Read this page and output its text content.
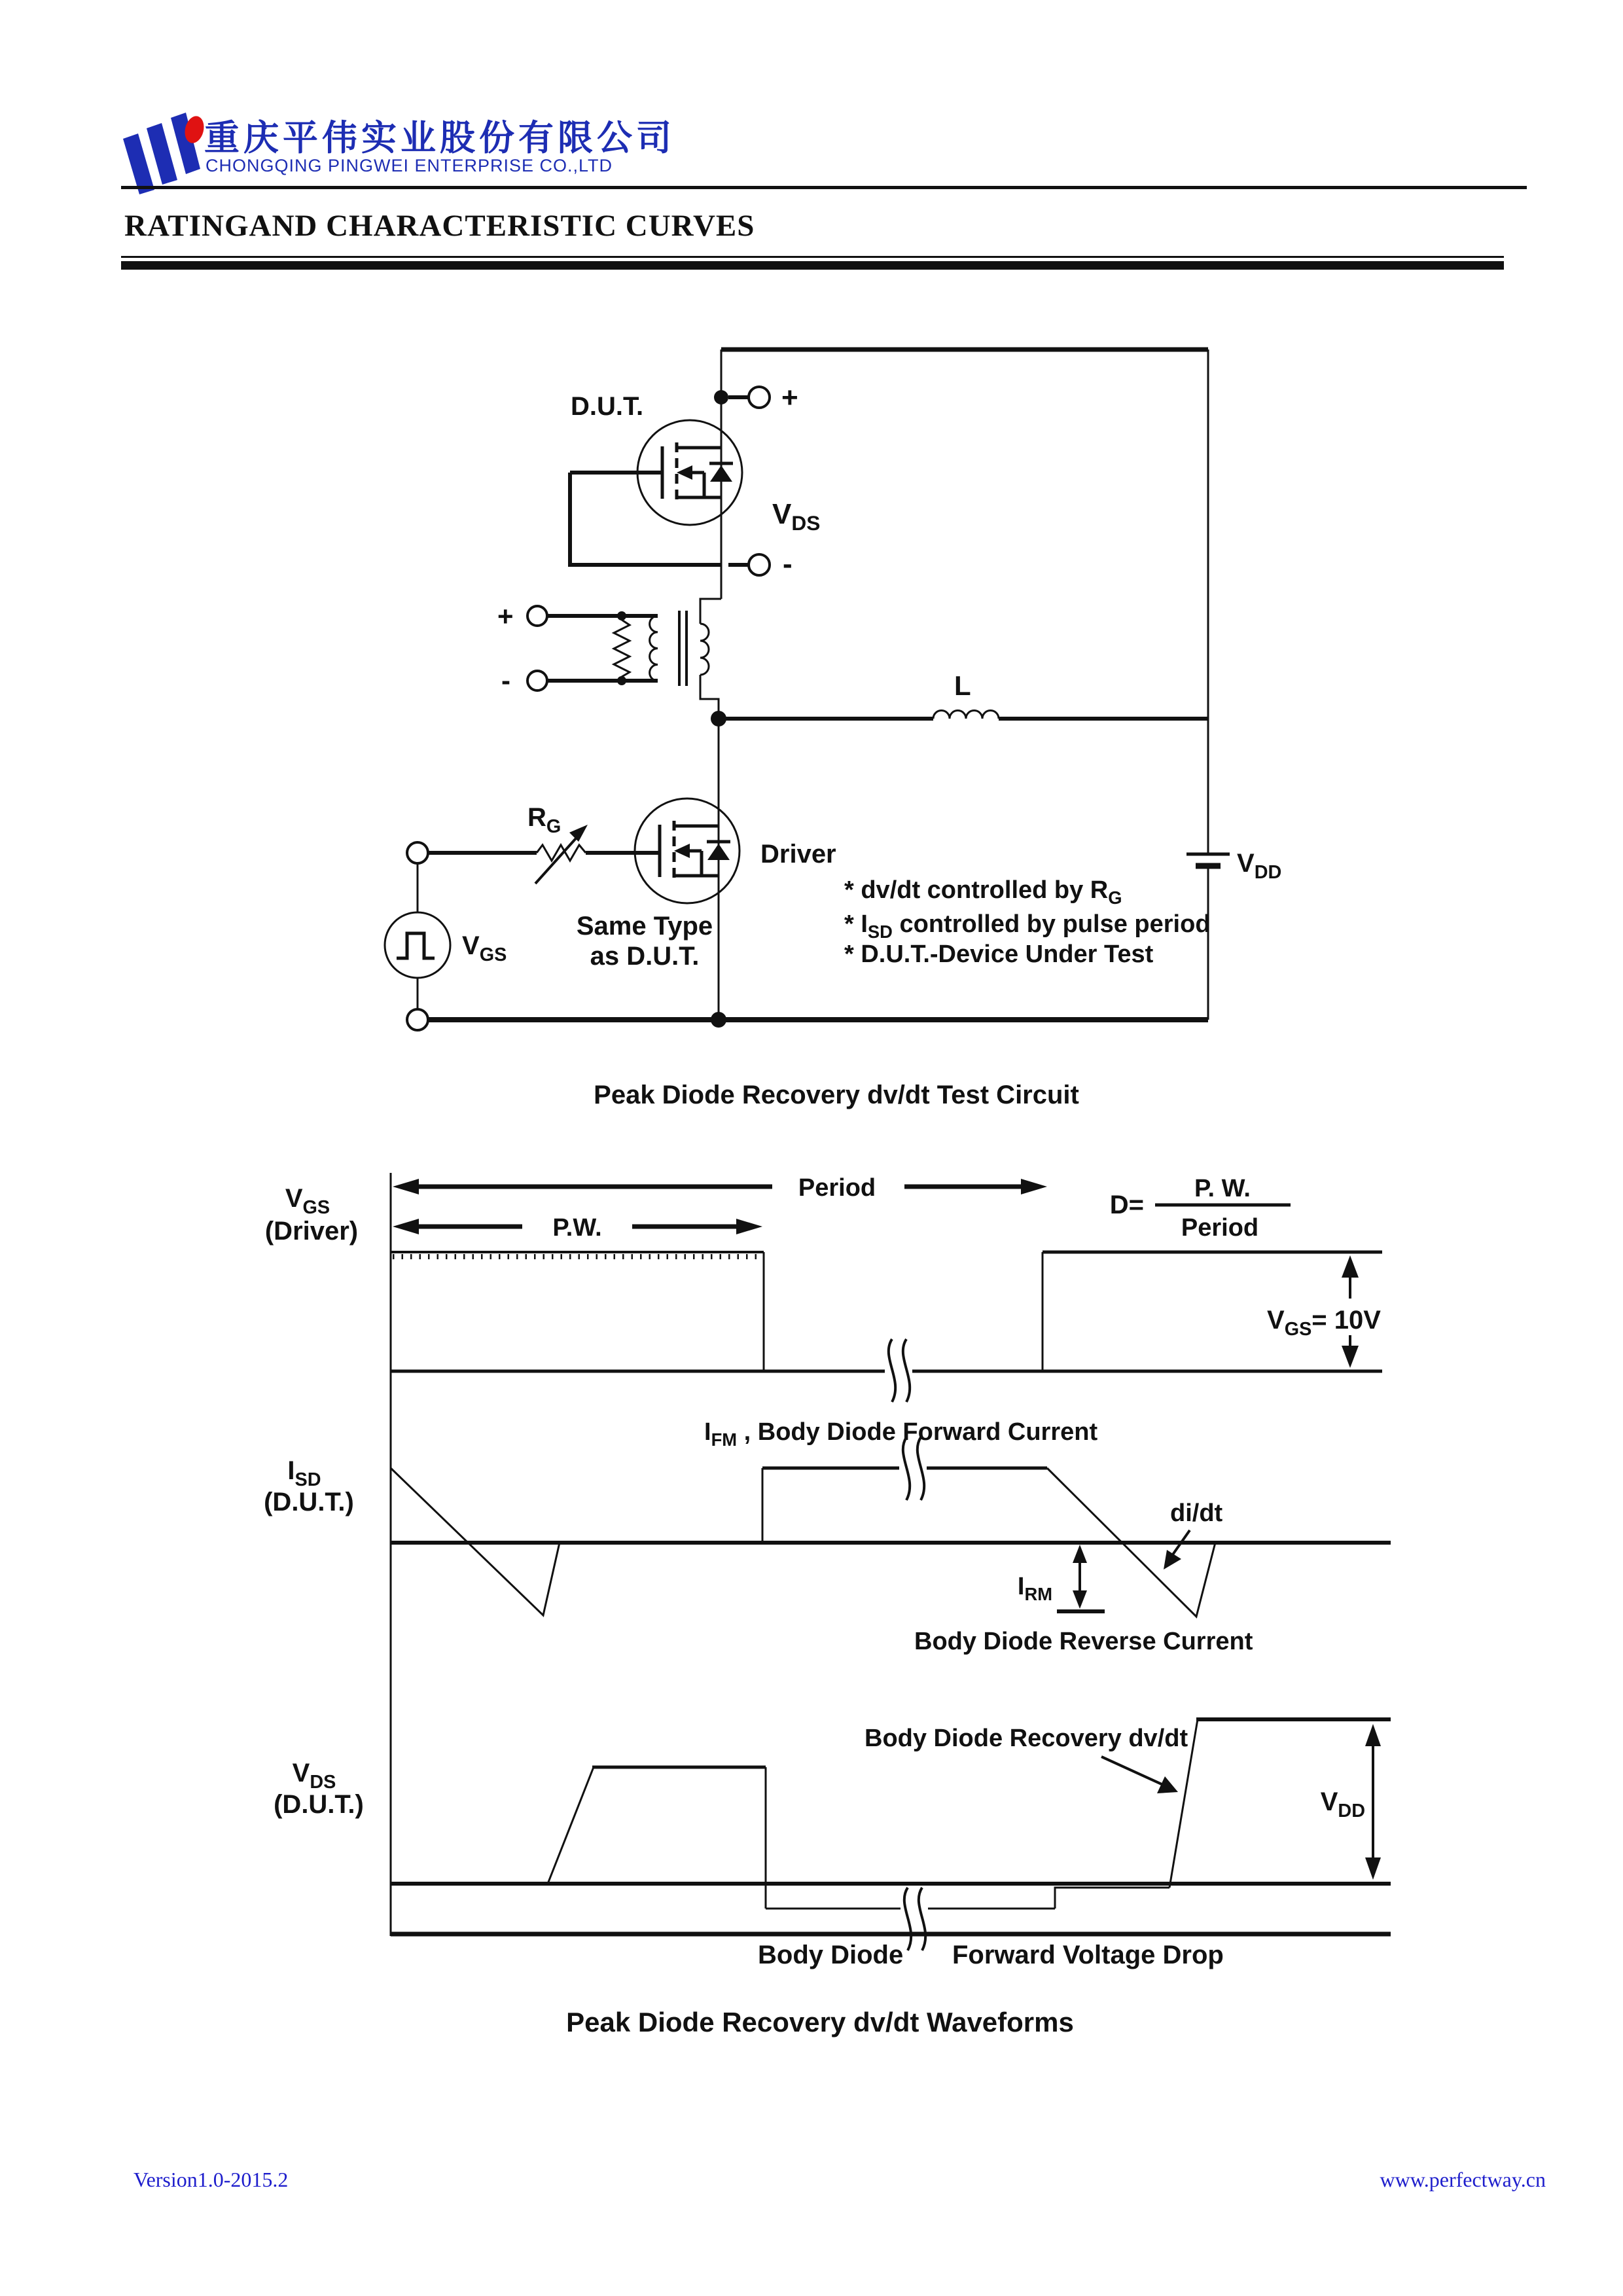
重庆平伟实业股份有限公司
CHONGQING PINGWEI ENTERPRISE CO.,LTD
RATINGAND CHARACTERISTIC CURVES
+
D.U.T.
-
$V_{DS}$
+
-	L
Driver
$R_G$
Same Type
as D.U.T.
$V_{GS}$
$V_{DD}$
* dv/dt controlled by $R_G$
* $I_{SD}$ controlled by pulse period
* D.U.T.-Device Under Test
Peak Diode Recovery dv/dt Test Circuit
$V_{GS}$
(Driver)
$I_{SD}$
(D.U.T.)
$V_{DS}$
(D.U.T.)
Period
P.W.
D=
P. W.
Period
$V_{GS}= 10V$
$I_{FM}$ , Body Diode Forward Current
di/dt
$I_{RM}$
Body Diode Reverse Current
Body Diode Recovery dv/dt
$V_{DD}$
Body Diode Forward Voltage Drop
Peak Diode Recovery dv/dt Waveforms
Version1.0-2015.2	www.perfectway.cn
